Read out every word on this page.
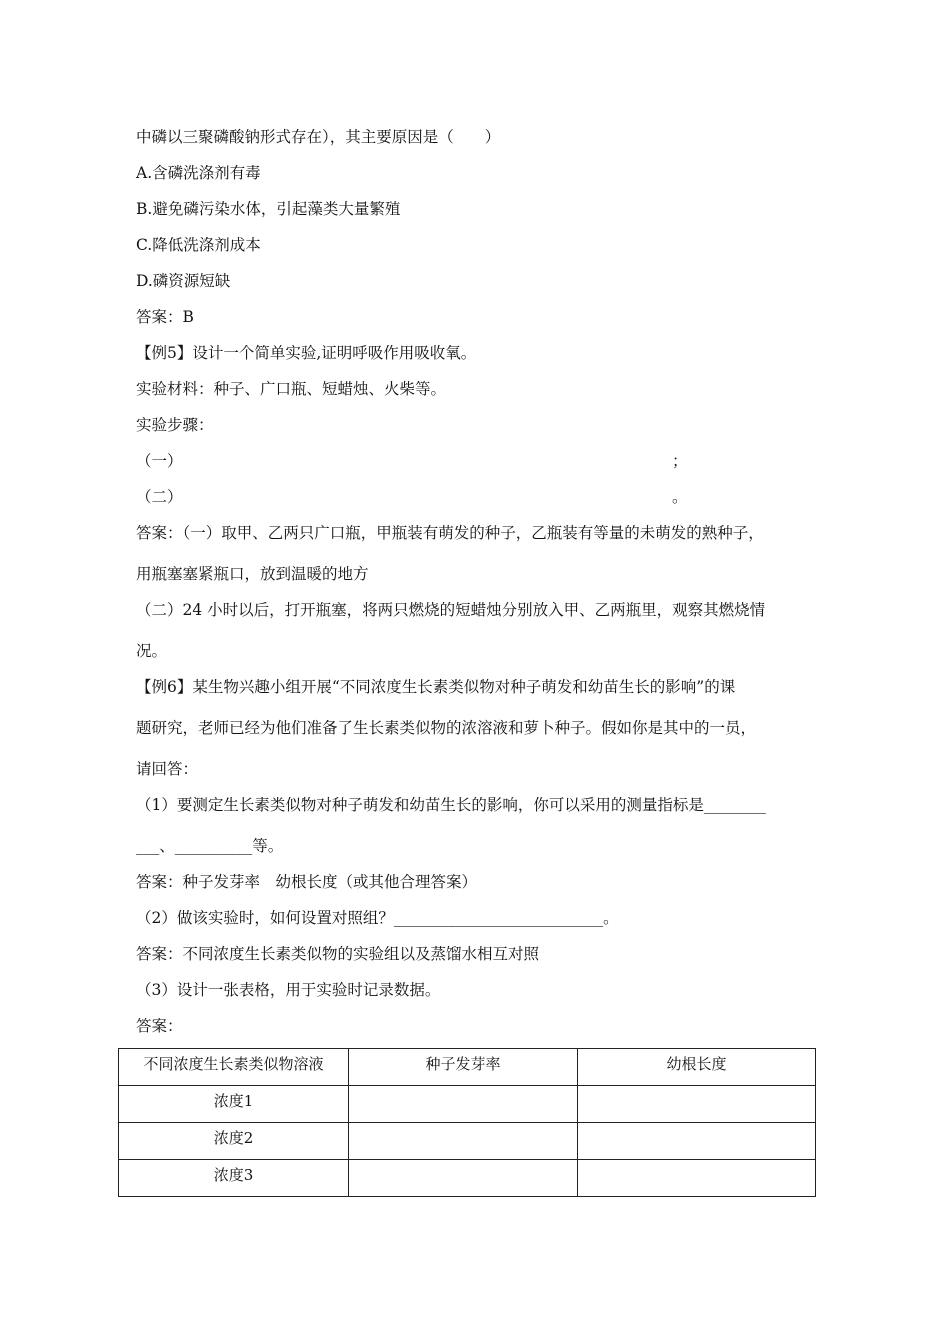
中磷以三聚磷酸钠形式存在），其主要原因是（　　）
A.含磷洗涤剂有毒
B.避免磷污染水体，引起藻类大量繁殖
C.降低洗涤剂成本
D.磷资源短缺
答案：B
【例5】设计一个简单实验,证明呼吸作用吸收氧。
实验材料：种子、广口瓶、短蜡烛、火柴等。
实验步骤：
（一）	；
（二）	。
答案：（一）取甲、乙两只广口瓶，甲瓶装有萌发的种子，乙瓶装有等量的未萌发的熟种子，
用瓶塞塞紧瓶口，放到温暖的地方
（二）24 小时以后，打开瓶塞，将两只燃烧的短蜡烛分别放入甲、乙两瓶里，观察其燃烧情
况。
【例6】某生物兴趣小组开展“不同浓度生长素类似物对种子萌发和幼苗生长的影响”的课
题研究，老师已经为他们准备了生长素类似物的浓溶液和萝卜种子。假如你是其中的一员，
请回答：
（1）要测定生长素类似物对种子萌发和幼苗生长的影响，你可以采用的测量指标是________
___、__________等。
答案：种子发芽率　幼根长度（或其他合理答案）
（2）做该实验时，如何设置对照组？___________________________。
答案：不同浓度生长素类似物的实验组以及蒸馏水相互对照
（3）设计一张表格，用于实验时记录数据。
答案：
不同浓度生长素类似物溶液	种子发芽率	幼根长度
浓度1		
浓度2		
浓度3		
